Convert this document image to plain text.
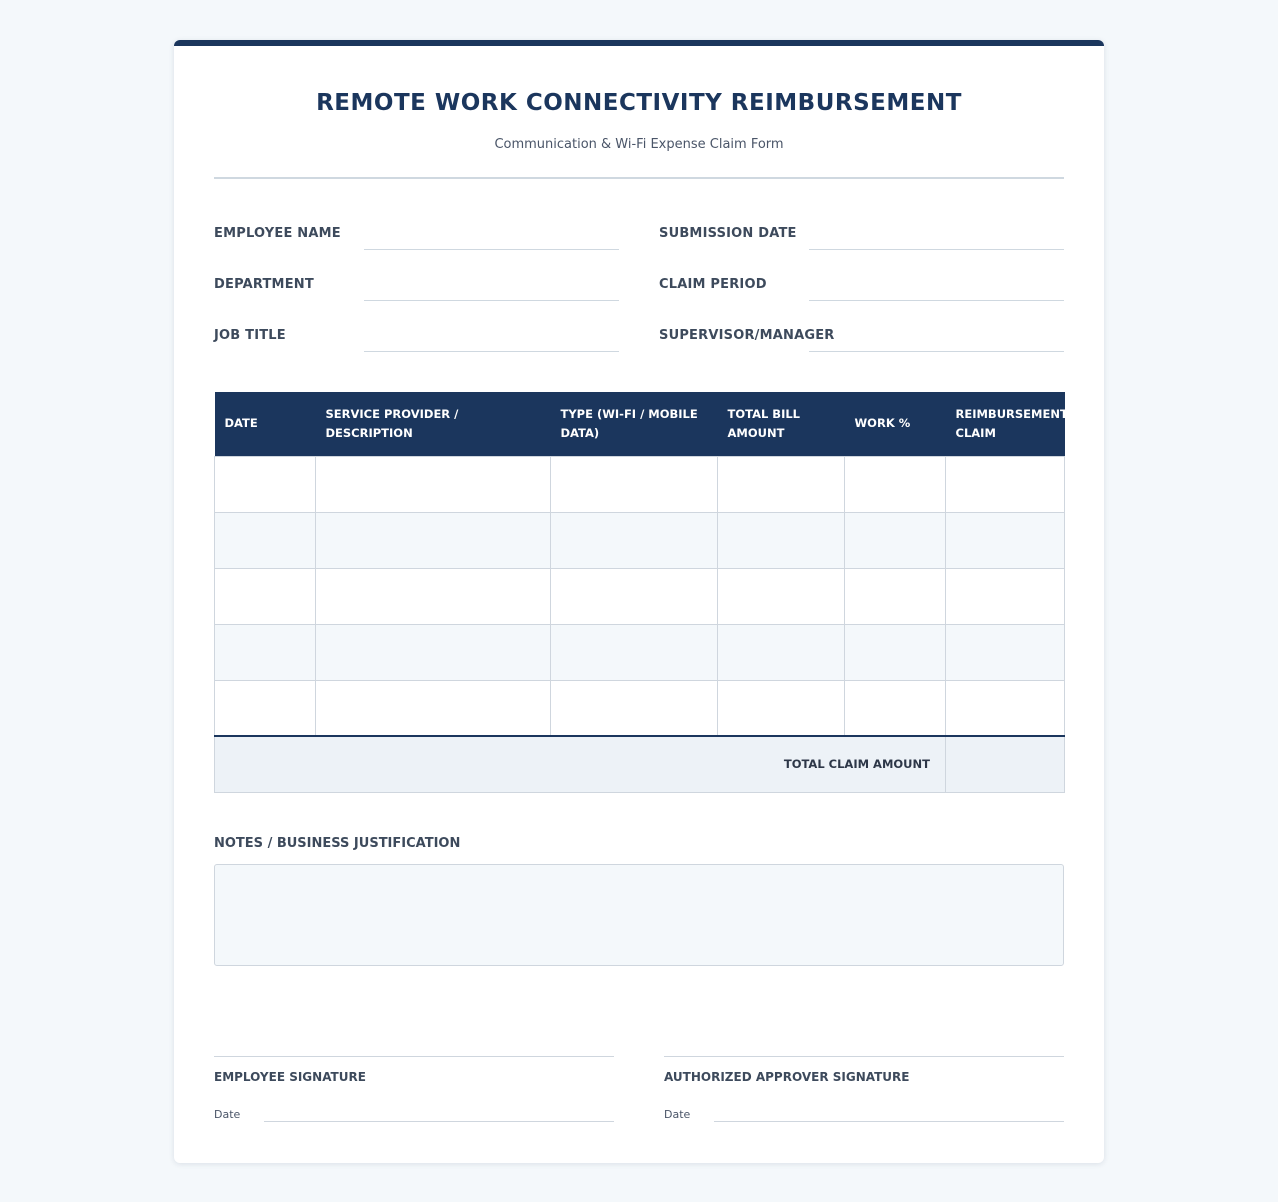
REMOTE WORK CONNECTIVITY REIMBURSEMENT
Communication & Wi-Fi Expense Claim Form
EMPLOYEE NAME
DEPARTMENT
JOB TITLE
SUBMISSION DATE
CLAIM PERIOD
SUPERVISOR/MANAGER
DATE	SERVICE PROVIDER / DESCRIPTION	TYPE (WI-FI / MOBILE DATA)	TOTAL BILL AMOUNT	WORK %	REIMBURSEMENT CLAIM

TOTAL CLAIM AMOUNT					
NOTES / BUSINESS JUSTIFICATION
EMPLOYEE SIGNATURE
Date
AUTHORIZED APPROVER SIGNATURE
Date
